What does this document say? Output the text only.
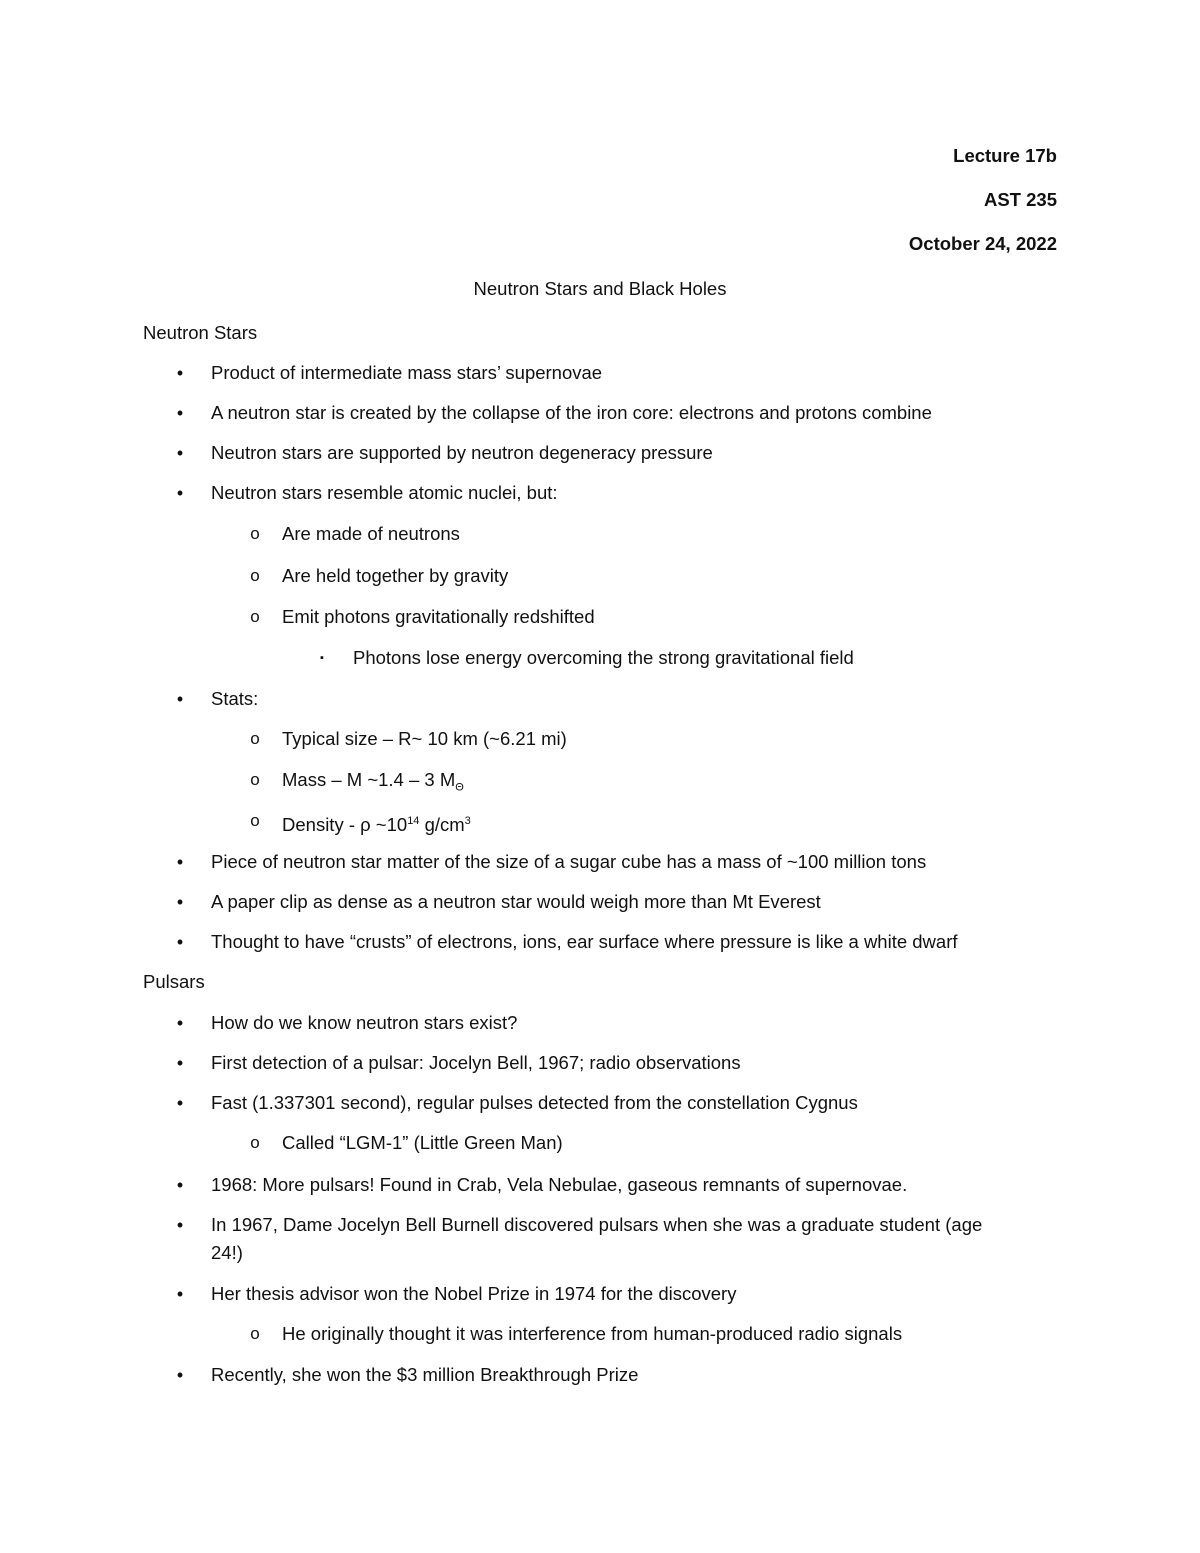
Lecture 17b
AST 235
October 24, 2022
Neutron Stars and Black Holes
Neutron Stars
• Product of intermediate mass stars’ supernovae
• A neutron star is created by the collapse of the iron core: electrons and protons combine
• Neutron stars are supported by neutron degeneracy pressure
• Neutron stars resemble atomic nuclei, but:
o Are made of neutrons
o Are held together by gravity
o Emit photons gravitationally redshifted
▪ Photons lose energy overcoming the strong gravitational field
• Stats:
o Typical size – R~ 10 km (~6.21 mi)
o Mass – M ~1.4 – 3 $M_\Theta$
o Density - ρ $\sim 10^{14}$ $g/cm^3$
• Piece of neutron star matter of the size of a sugar cube has a mass of ~100 million tons
• A paper clip as dense as a neutron star would weigh more than Mt Everest
• Thought to have “crusts” of electrons, ions, ear surface where pressure is like a white dwarf
Pulsars
• How do we know neutron stars exist?
• First detection of a pulsar: Jocelyn Bell, 1967; radio observations
• Fast (1.337301 second), regular pulses detected from the constellation Cygnus
o Called “LGM-1” (Little Green Man)
• 1968: More pulsars! Found in Crab, Vela Nebulae, gaseous remnants of supernovae.
• In 1967, Dame Jocelyn Bell Burnell discovered pulsars when she was a graduate student (age
24!)
• Her thesis advisor won the Nobel Prize in 1974 for the discovery
o He originally thought it was interference from human-produced radio signals
• Recently, she won the $3 million Breakthrough Prize
